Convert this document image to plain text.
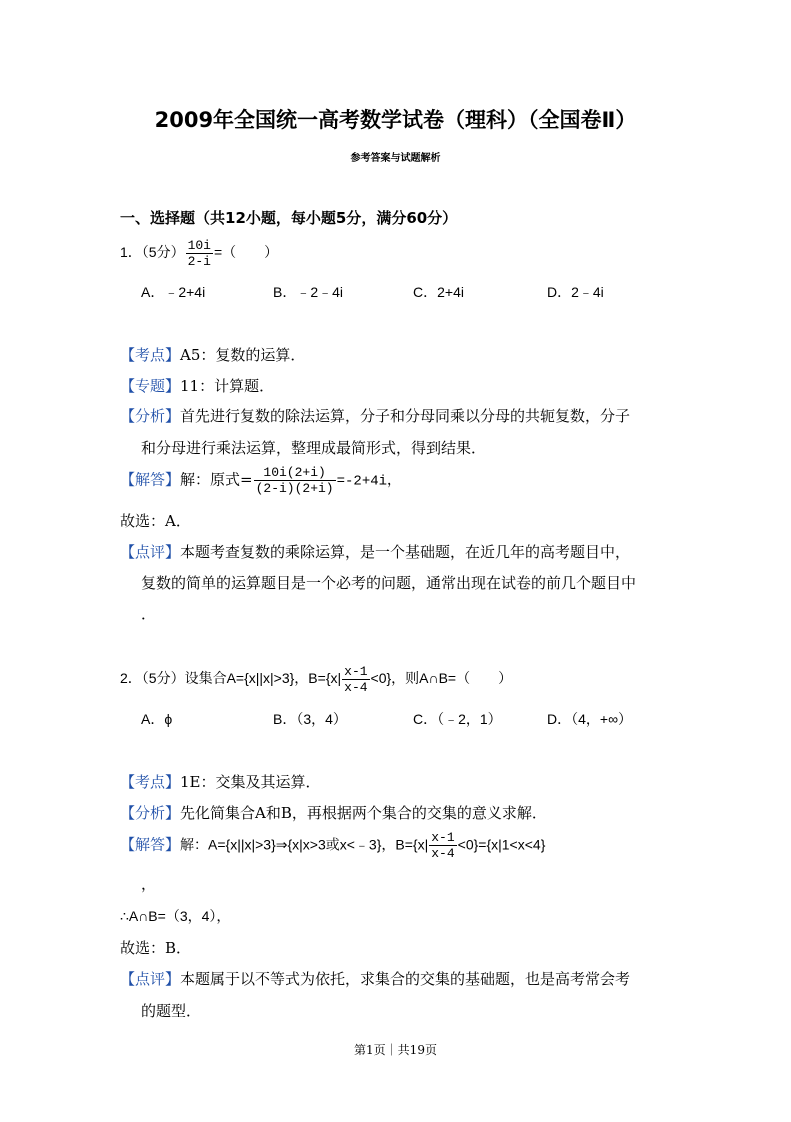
2009年全国统一高考数学试卷（理科）（全国卷Ⅱ）
参考答案与试题解析
一、选择题（共12小题，每小题5分，满分60分）
1．（5分） $\frac{10i}{2-i}$ =（　　）
A．﹣2+4i	B．﹣2﹣4i	C．2+4i	D．2﹣4i
【考点】A5：复数的运算．
【专题】11：计算题．
【分析】首先进行复数的除法运算，分子和分母同乘以分母的共轭复数，分子
和分母进行乘法运算，整理成最简形式，得到结果．
【解答】解：原式= $\frac{10i(2+i)}{(2-i)(2+i)} =-2+4i$，
故选：A．
【点评】本题考查复数的乘除运算，是一个基础题，在近几年的高考题目中，
复数的简单的运算题目是一个必考的问题，通常出现在试卷的前几个题目中
．
2．（5分）设集合A={x||x|>3}，$B=\{x| \frac{x-1}{x-4} <0\}$，则A∩B=（　　）
A．ϕ	B．（3，4）	C．（﹣2，1）	D．（4，+∞）
【考点】1E：交集及其运算．
【分析】先化简集合A和B，再根据两个集合的交集的意义求解．
【解答】解：A={x||x|>3}⇒{x|x>3或x<﹣3}，$B=\{x| \frac{x-1}{x-4} <0\}=\{x|1<x<4\}$
，
∴A∩B=（3，4），
故选：B．
【点评】本题属于以不等式为依托，求集合的交集的基础题，也是高考常会考
的题型．
第1页｜共19页
